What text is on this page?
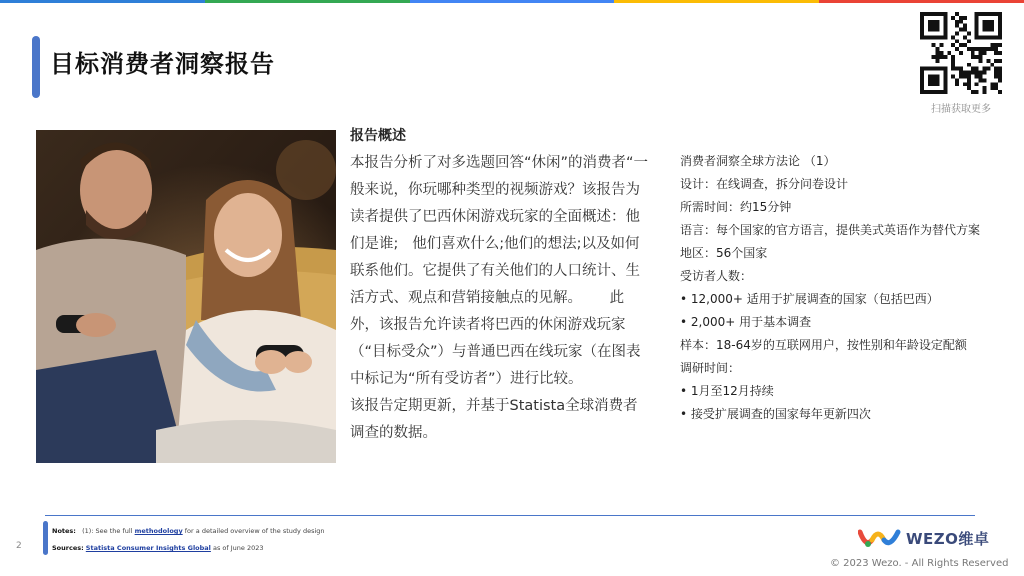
目标消费者洞察报告
扫描获取更多
报告概述

本报告分析了对多选题回答“休闲”的消费者“一般来说，你玩哪种类型的视频游戏？该报告为读者提供了巴西休闲游戏玩家的全面概述：他们是谁;   他们喜欢什么;他们的想法;以及如何联系他们。它提供了有关他们的人口统计、生活方式、观点和营销接触点的见解。      此外，该报告允许读者将巴西的休闲游戏玩家（“目标受众”）与普通巴西在线玩家（在图表中标记为“所有受访者”）进行比较。

该报告定期更新，并基于Statista全球消费者调查的数据。

消费者洞察全球方法论 （1）
设计：在线调查，拆分问卷设计
所需时间：约15分钟
语言：每个国家的官方语言，提供美式英语作为替代方案
地区：56个国家
受访者人数：
• 12,000+ 适用于扩展调查的国家（包括巴西）
• 2,000+ 用于基本调查
样本：18-64岁的互联网用户，按性别和年龄设定配额
调研时间：
• 1月至12月持续
• 接受扩展调查的国家每年更新四次
2
Notes: (1): See the full methodology for a detailed overview of the study design
Sources: Statista Consumer Insights Global as of June 2023
WEZO维卓
© 2023 Wezo. - All Rights Reserved
